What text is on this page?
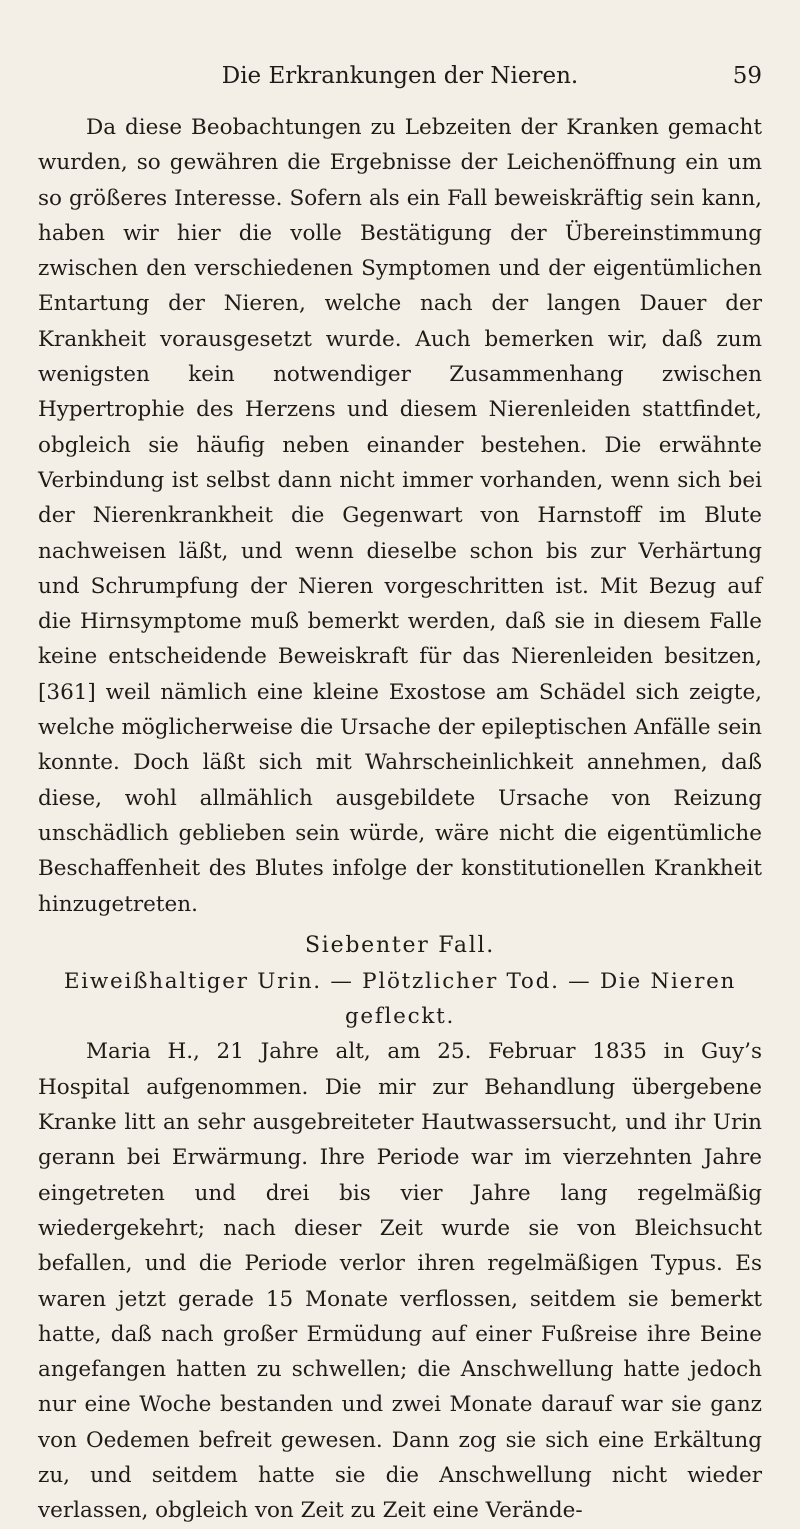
Die Erkrankungen der Nieren.	59

Da diese Beobachtungen zu Lebzeiten der Kranken gemacht wurden, so gewähren die Ergebnisse der Leichenöffnung ein um so größeres Interesse. Sofern als ein Fall beweiskräftig sein kann, haben wir hier die volle Bestätigung der Übereinstimmung zwischen den verschiedenen Symptomen und der eigentümlichen Entartung der Nieren, welche nach der langen Dauer der Krankheit vorausgesetzt wurde. Auch bemerken wir, daß zum wenigsten kein notwendiger Zusammenhang zwischen Hypertrophie des Herzens und diesem Nierenleiden stattfindet, obgleich sie häufig neben einander bestehen. Die erwähnte Verbindung ist selbst dann nicht immer vorhanden, wenn sich bei der Nierenkrankheit die Gegenwart von Harnstoff im Blute nachweisen läßt, und wenn dieselbe schon bis zur Verhärtung und Schrumpfung der Nieren vorgeschritten ist. Mit Bezug auf die Hirnsymptome muß bemerkt werden, daß sie in diesem Falle keine entscheidende Beweiskraft für das Nierenleiden besitzen, [361] weil nämlich eine kleine Exostose am Schädel sich zeigte, welche möglicherweise die Ursache der epileptischen Anfälle sein konnte. Doch läßt sich mit Wahrscheinlichkeit annehmen, daß diese, wohl allmählich ausgebildete Ursache von Reizung unschädlich geblieben sein würde, wäre nicht die eigentümliche Beschaffenheit des Blutes infolge der konstitutionellen Krankheit hinzugetreten.

Siebenter Fall.

Eiweißhaltiger Urin. — Plötzlicher Tod. — Die Nieren gefleckt.

Maria H., 21 Jahre alt, am 25. Februar 1835 in Guy’s Hospital aufgenommen. Die mir zur Behandlung übergebene Kranke litt an sehr ausgebreiteter Hautwassersucht, und ihr Urin gerann bei Erwärmung. Ihre Periode war im vierzehnten Jahre eingetreten und drei bis vier Jahre lang regelmäßig wiedergekehrt; nach dieser Zeit wurde sie von Bleichsucht befallen, und die Periode verlor ihren regelmäßigen Typus. Es waren jetzt gerade 15 Monate verflossen, seitdem sie bemerkt hatte, daß nach großer Ermüdung auf einer Fußreise ihre Beine angefangen hatten zu schwellen; die Anschwellung hatte jedoch nur eine Woche bestanden und zwei Monate darauf war sie ganz von Oedemen befreit gewesen. Dann zog sie sich eine Erkältung zu, und seitdem hatte sie die Anschwellung nicht wieder verlassen, obgleich von Zeit zu Zeit eine Verände-
